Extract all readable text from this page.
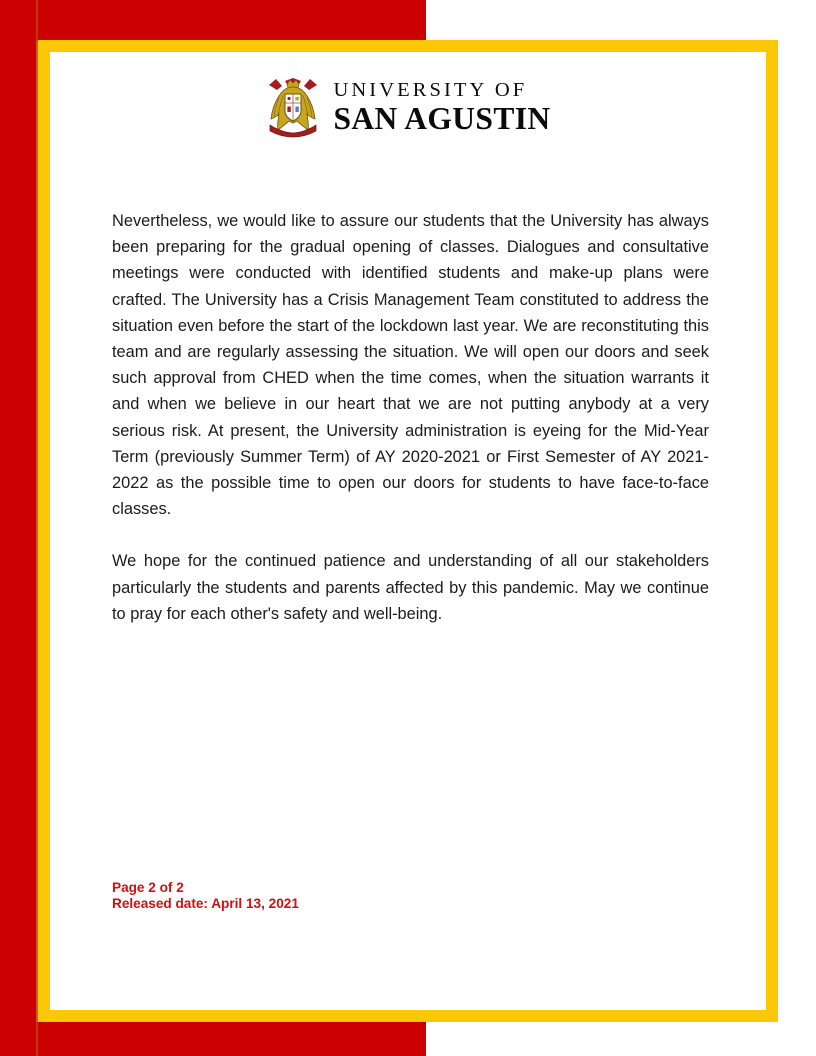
UNIVERSITY OF
SAN AGUSTIN

Nevertheless, we would like to assure our students that the University has always been preparing for the gradual opening of classes. Dialogues and consultative meetings were conducted with identified students and make-up plans were crafted. The University has a Crisis Management Team constituted to address the situation even before the start of the lockdown last year. We are reconstituting this team and are regularly assessing the situation. We will open our doors and seek such approval from CHED when the time comes, when the situation warrants it and when we believe in our heart that we are not putting anybody at a very serious risk. At present, the University administration is eyeing for the Mid-Year Term (previously Summer Term) of AY 2020-2021 or First Semester of AY 2021-2022 as the possible time to open our doors for students to have face-to-face classes.

We hope for the continued patience and understanding of all our stakeholders particularly the students and parents affected by this pandemic. May we continue to pray for each other's safety and well-being.

Page 2 of 2
Released date: April 13, 2021
